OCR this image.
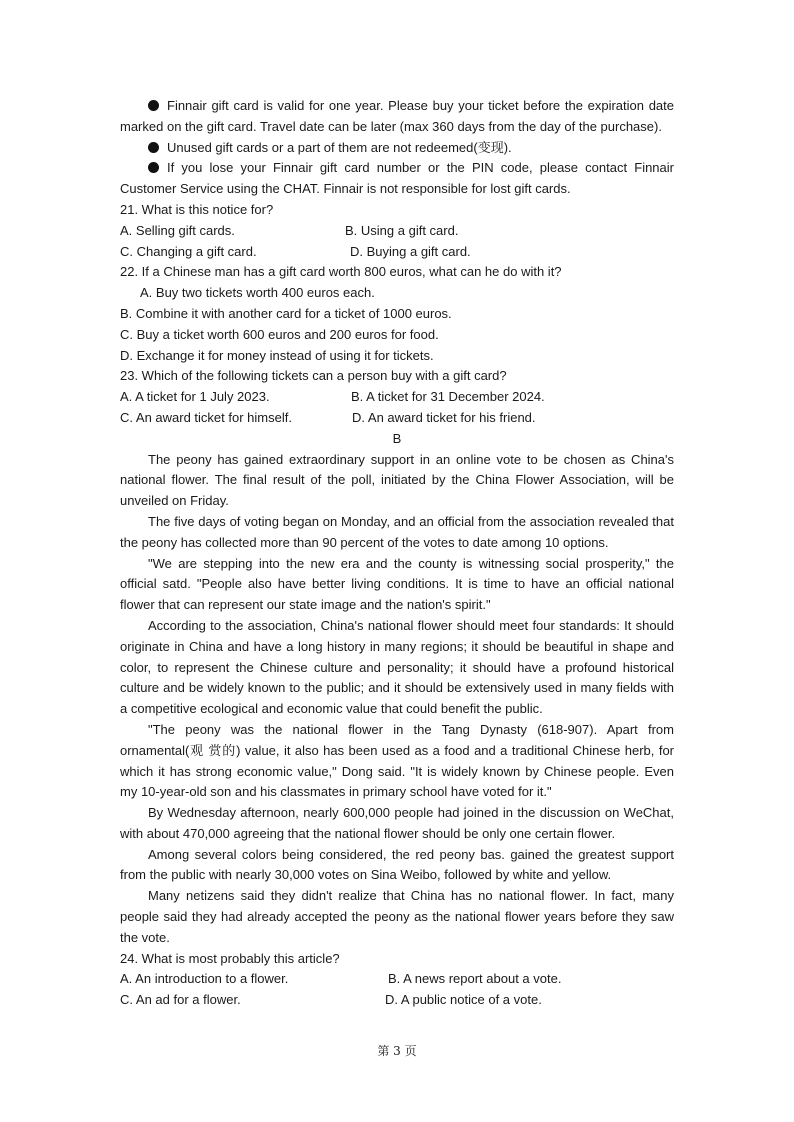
Finnair gift card is valid for one year. Please buy your ticket before the expiration date marked on the gift card. Travel date can be later (max 360 days from the day of the purchase).

Unused gift cards or a part of them are not redeemed(变现).

If you lose your Finnair gift card number or the PIN code, please contact Finnair Customer Service using the CHAT. Finnair is not responsible for lost gift cards.

21. What is this notice for?

A. Selling gift cards.	B. Using a gift card.
C. Changing a gift card.	D. Buying a gift card.

22. If a Chinese man has a gift card worth 800 euros, what can he do with it?

A. Buy two tickets worth 400 euros each.

B. Combine it with another card for a ticket of 1000 euros.

C. Buy a ticket worth 600 euros and 200 euros for food.

D. Exchange it for money instead of using it for tickets.

23. Which of the following tickets can a person buy with a gift card?

A. A ticket for 1 July 2023.	B. A ticket for 31 December 2024.
C. An award ticket for himself.	D. An award ticket for his friend.

B

The peony has gained extraordinary support in an online vote to be chosen as China's national flower. The final result of the poll, initiated by the China Flower Association, will be unveiled on Friday.

The five days of voting began on Monday, and an official from the association revealed that the peony has collected more than 90 percent of the votes to date among 10 options.

"We are stepping into the new era and the county is witnessing social prosperity," the official satd. "People also have better living conditions. It is time to have an official national flower that can represent our state image and the nation's spirit."

According to the association, China's national flower should meet four standards: It should originate in China and have a long history in many regions; it should be beautiful in shape and color, to represent the Chinese culture and personality; it should have a profound historical culture and be widely known to the public; and it should be extensively used in many fields with a competitive ecological and economic value that could benefit the public.

"The peony was the national flower in the Tang Dynasty (618-907). Apart from ornamental(观 赏的) value, it also has been used as a food and a traditional Chinese herb, for which it has strong economic value," Dong said. "It is widely known by Chinese people. Even my 10-year-old son and his classmates in primary school have voted for it."

By Wednesday afternoon, nearly 600,000 people had joined in the discussion on WeChat, with about 470,000 agreeing that the national flower should be only one certain flower.

Among several colors being considered, the red peony bas. gained the greatest support from the public with nearly 30,000 votes on Sina Weibo, followed by white and yellow.

Many netizens said they didn't realize that China has no national flower. In fact, many people said they had already accepted the peony as the national flower years before they saw the vote.

24. What is most probably this article?

A. An introduction to a flower.	B. A news report about a vote.
C. An ad for a flower.	D. A public notice of a vote.
第 3 页
